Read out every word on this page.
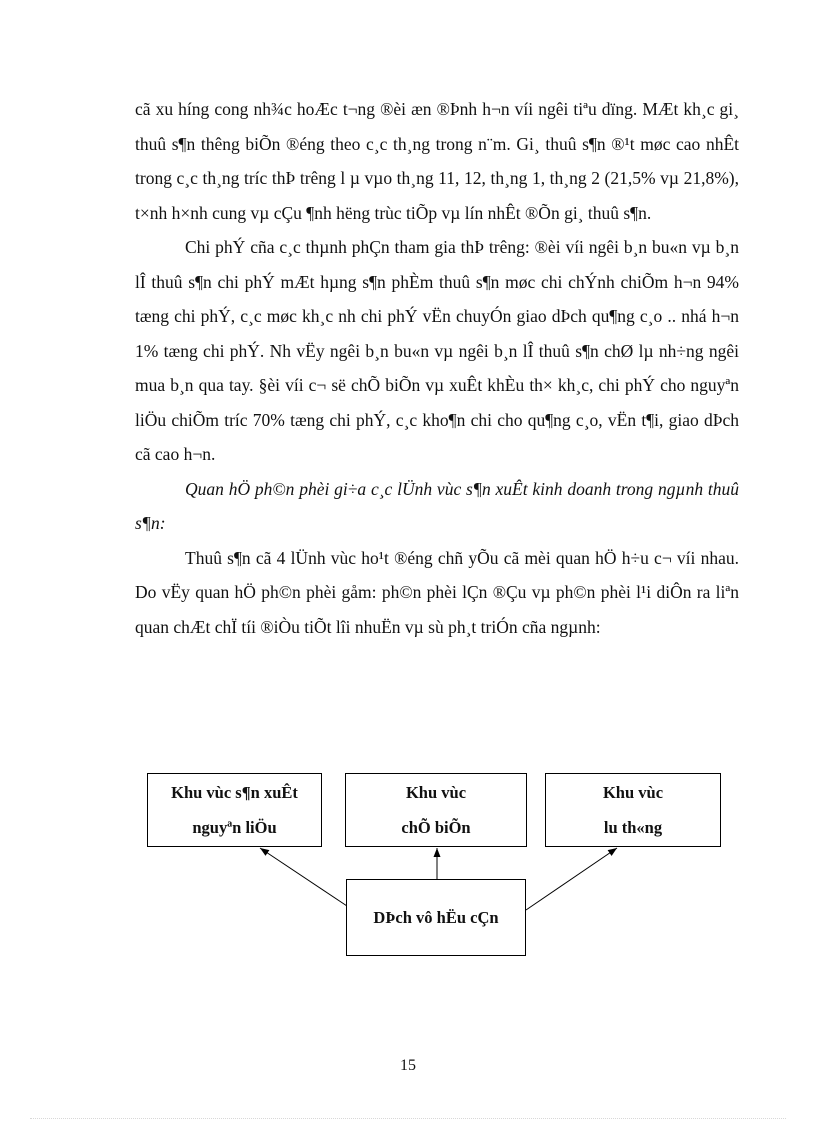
cã xu híng cong nh¾c hoÆc t¬ng ®èi æn ®Þnh h¬n víi ngêi tiªu dïng. MÆt kh¸c gi¸ thuû s¶n thêng biÕn ®éng theo c¸c th¸ng trong n¨m. Gi¸ thuû s¶n ®¹t møc cao nhÊt trong c¸c th¸ng tríc thÞ trêng l µ vµo th¸ng 11, 12, th¸ng 1, th¸ng 2 (21,5% vµ 21,8%), t×nh h×nh cung vµ cÇu ¶nh hëng trùc tiÕp vµ lín nhÊt ®Õn gi¸ thuû s¶n.

Chi phÝ cña c¸c thµnh phÇn tham gia thÞ trêng: ®èi víi ngêi b¸n bu«n vµ b¸n lÎ thuû s¶n chi phÝ mÆt hµng s¶n phÈm thuû s¶n møc chi chÝnh chiÕm h¬n 94% tæng chi phÝ, c¸c møc kh¸c nh chi phÝ vËn chuyÓn giao dÞch qu¶ng c¸o .. nhá h¬n 1% tæng chi phÝ. Nh vËy ngêi b¸n bu«n vµ ngêi b¸n lÎ thuû s¶n chØ lµ nh÷ng ngêi mua b¸n qua tay. §èi víi c¬ së chÕ biÕn vµ xuÊt khÈu th× kh¸c, chi phÝ cho nguyªn liÖu chiÕm tríc 70% tæng chi phÝ, c¸c kho¶n chi cho qu¶ng c¸o, vËn t¶i, giao dÞch cã cao h¬n.

Quan hÖ ph©n phèi gi÷a c¸c lÜnh vùc s¶n xuÊt kinh doanh trong ngµnh thuû s¶n:

Thuû s¶n cã 4 lÜnh vùc ho¹t ®éng chñ yÕu cã mèi quan hÖ h÷u c¬ víi nhau. Do vËy quan hÖ ph©n phèi gåm: ph©n phèi lÇn ®Çu vµ ph©n phèi l¹i diÔn ra liªn quan chÆt chÏ tíi ®iÒu tiÕt lîi nhuËn vµ sù ph¸t triÓn cña ngµnh:

Khu vùc s¶n xuÊt
nguyªn liÖu
Khu vùc
chÕ biÕn
Khu vùc
lu th«ng
DÞch vô hËu cÇn
15
